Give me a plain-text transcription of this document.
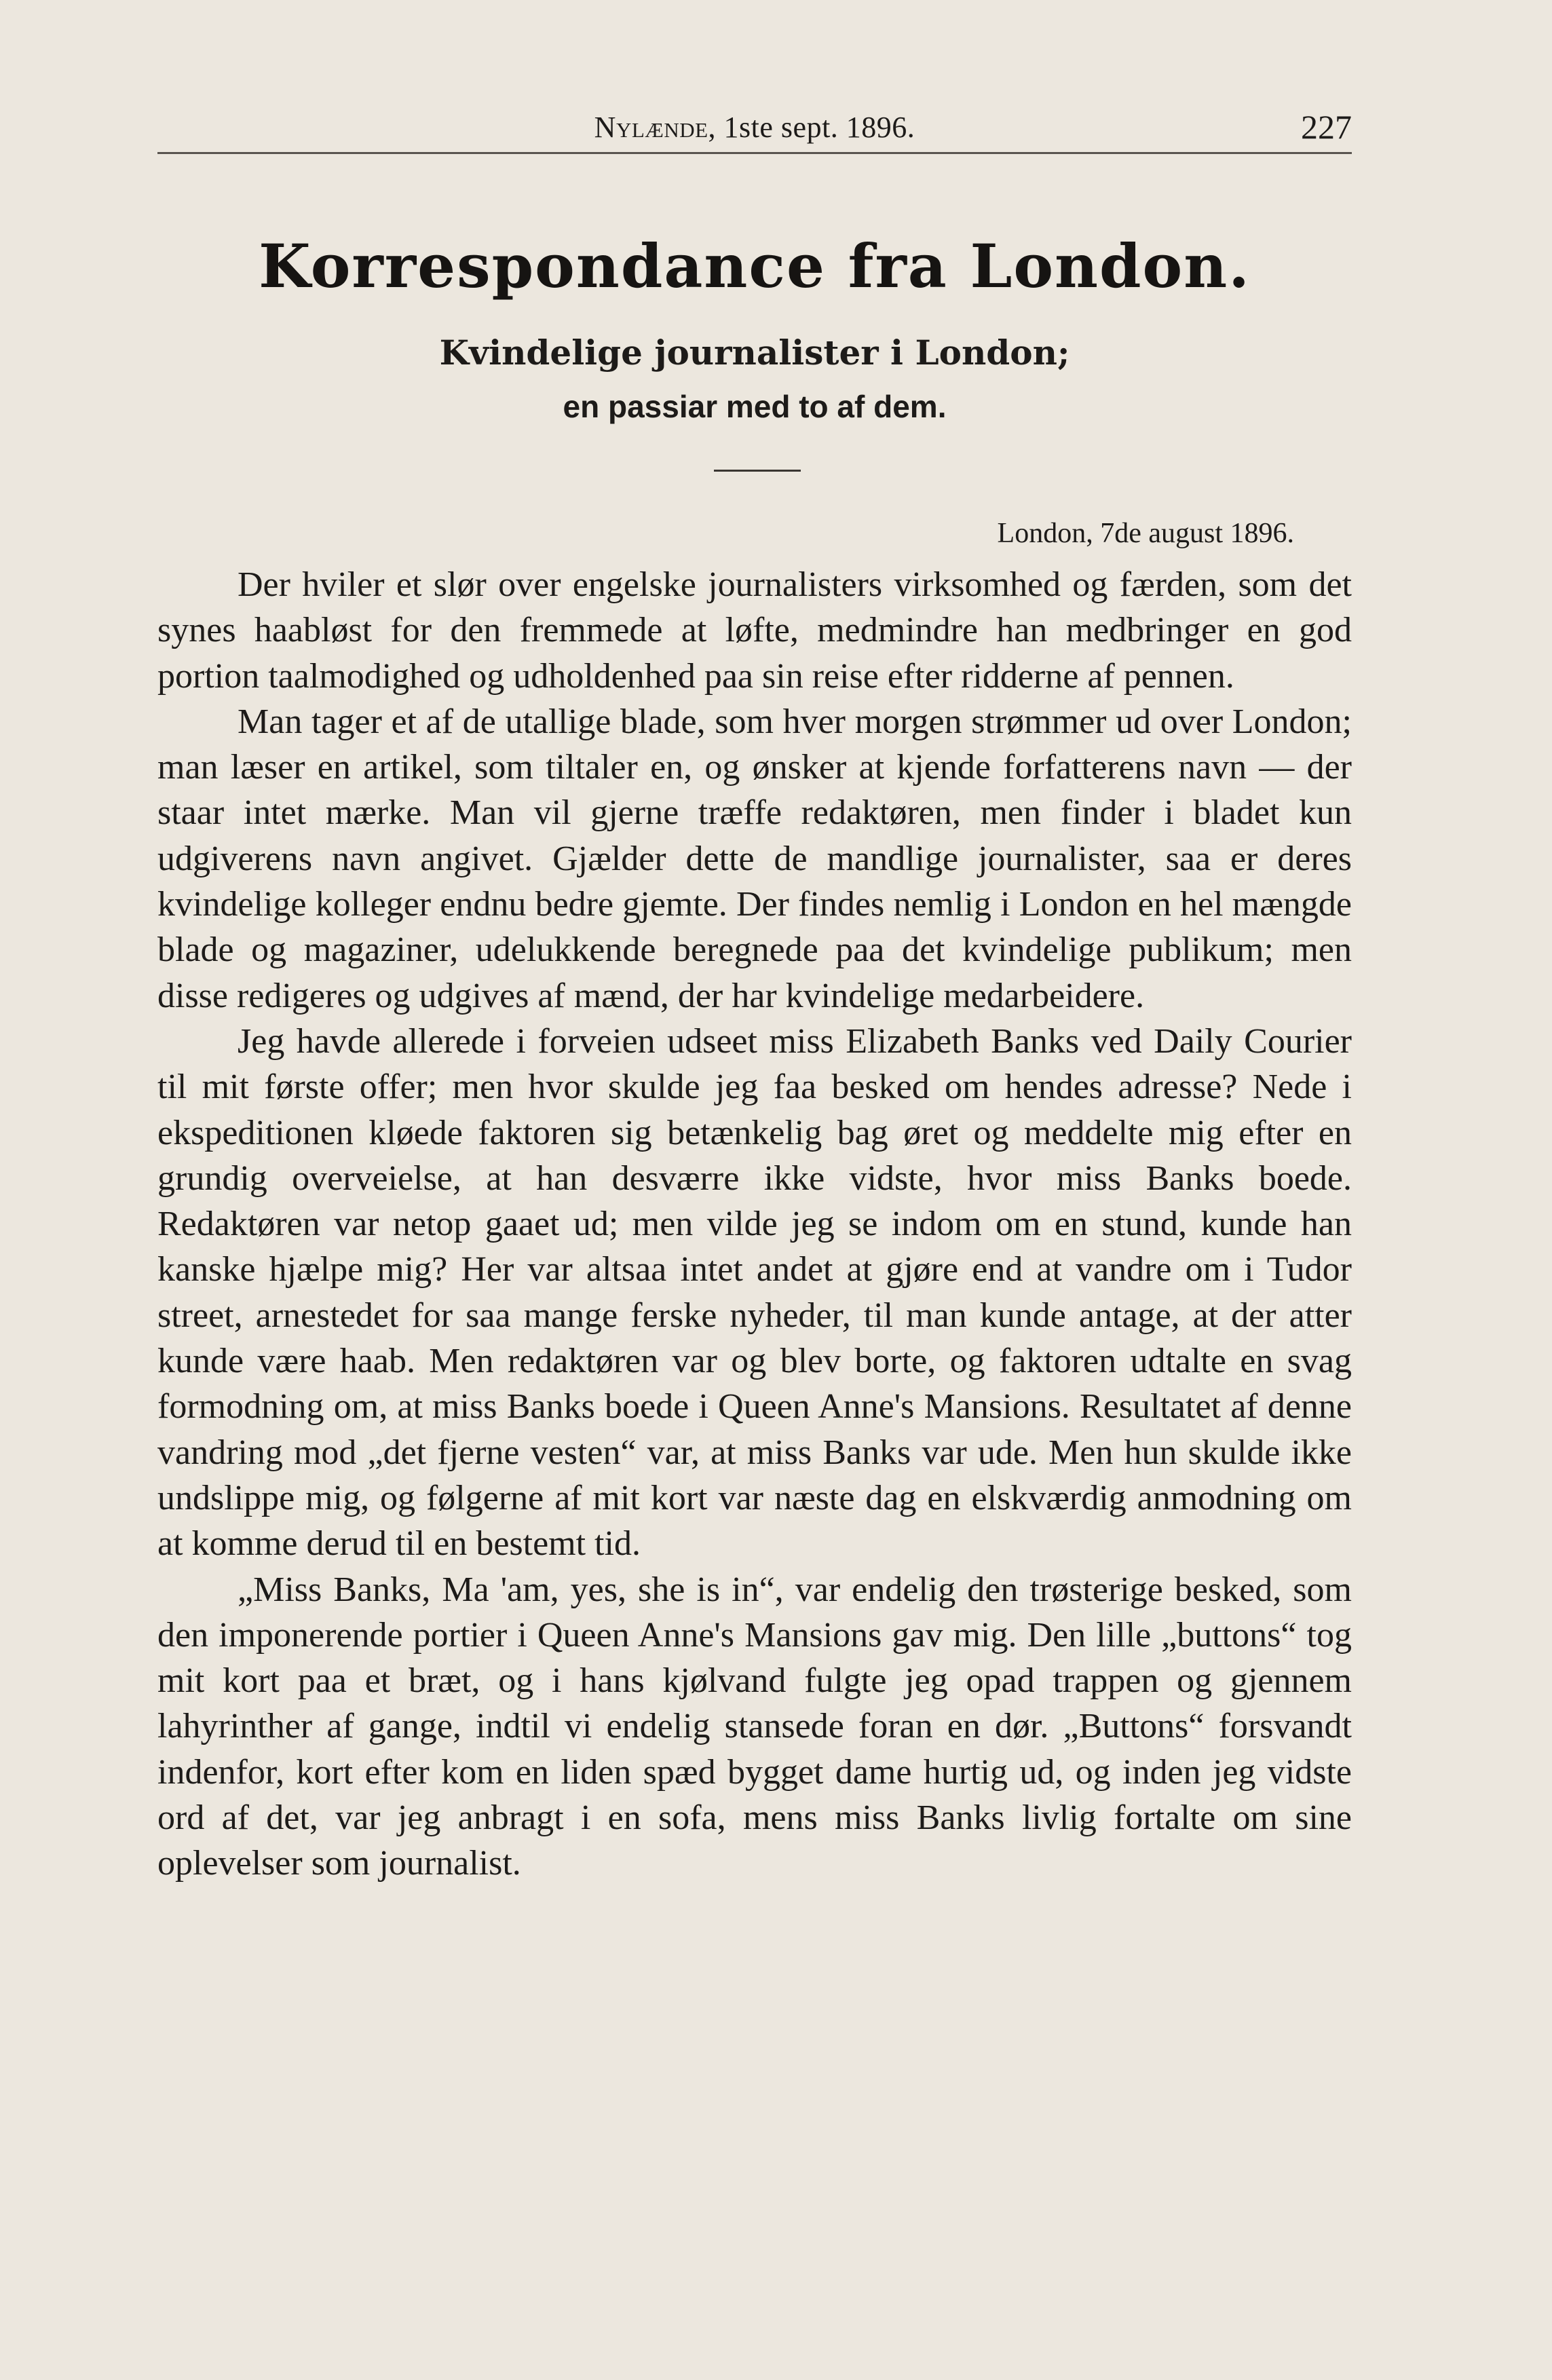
Nylænde, 1ste sept. 1896.	227
Korrespondance fra London.
Kvindelige journalister i London;
en passiar med to af dem.
London, 7de august 1896.

Der hviler et slør over engelske journalisters virksomhed og færden, som det synes haabløst for den fremmede at løfte, medmindre han medbringer en god portion taalmodighed og udholdenhed paa sin reise efter ridderne af pennen.

Man tager et af de utallige blade, som hver morgen strømmer ud over London; man læser en artikel, som tiltaler en, og ønsker at kjende forfatterens navn — der staar intet mærke. Man vil gjerne træffe redaktøren, men finder i bladet kun udgiverens navn angivet. Gjælder dette de mandlige journalister, saa er deres kvindelige kolleger endnu bedre gjemte. Der findes nemlig i London en hel mængde blade og magaziner, udelukkende beregnede paa det kvindelige publikum; men disse redigeres og udgives af mænd, der har kvindelige medarbeidere.

Jeg havde allerede i forveien udseet miss Elizabeth Banks ved Daily Courier til mit første offer; men hvor skulde jeg faa besked om hendes adresse? Nede i ekspeditionen kløede faktoren sig betænkelig bag øret og meddelte mig efter en grundig overveielse, at han desværre ikke vidste, hvor miss Banks boede. Redaktøren var netop gaaet ud; men vilde jeg se indom om en stund, kunde han kanske hjælpe mig? Her var altsaa intet andet at gjøre end at vandre om i Tudor street, arnestedet for saa mange ferske nyheder, til man kunde antage, at der atter kunde være haab. Men redaktøren var og blev borte, og faktoren udtalte en svag formodning om, at miss Banks boede i Queen Anne's Mansions. Resultatet af denne vandring mod „det fjerne vesten“ var, at miss Banks var ude. Men hun skulde ikke undslippe mig, og følgerne af mit kort var næste dag en elskværdig anmodning om at komme derud til en bestemt tid.

„Miss Banks, Ma 'am, yes, she is in“, var endelig den trøsterige besked, som den imponerende portier i Queen Anne's Mansions gav mig. Den lille „buttons“ tog mit kort paa et bræt, og i hans kjølvand fulgte jeg opad trappen og gjennem lahyrinther af gange, indtil vi endelig stansede foran en dør. „Buttons“ forsvandt indenfor, kort efter kom en liden spæd bygget dame hurtig ud, og inden jeg vidste ord af det, var jeg anbragt i en sofa, mens miss Banks livlig fortalte om sine oplevelser som journalist.
